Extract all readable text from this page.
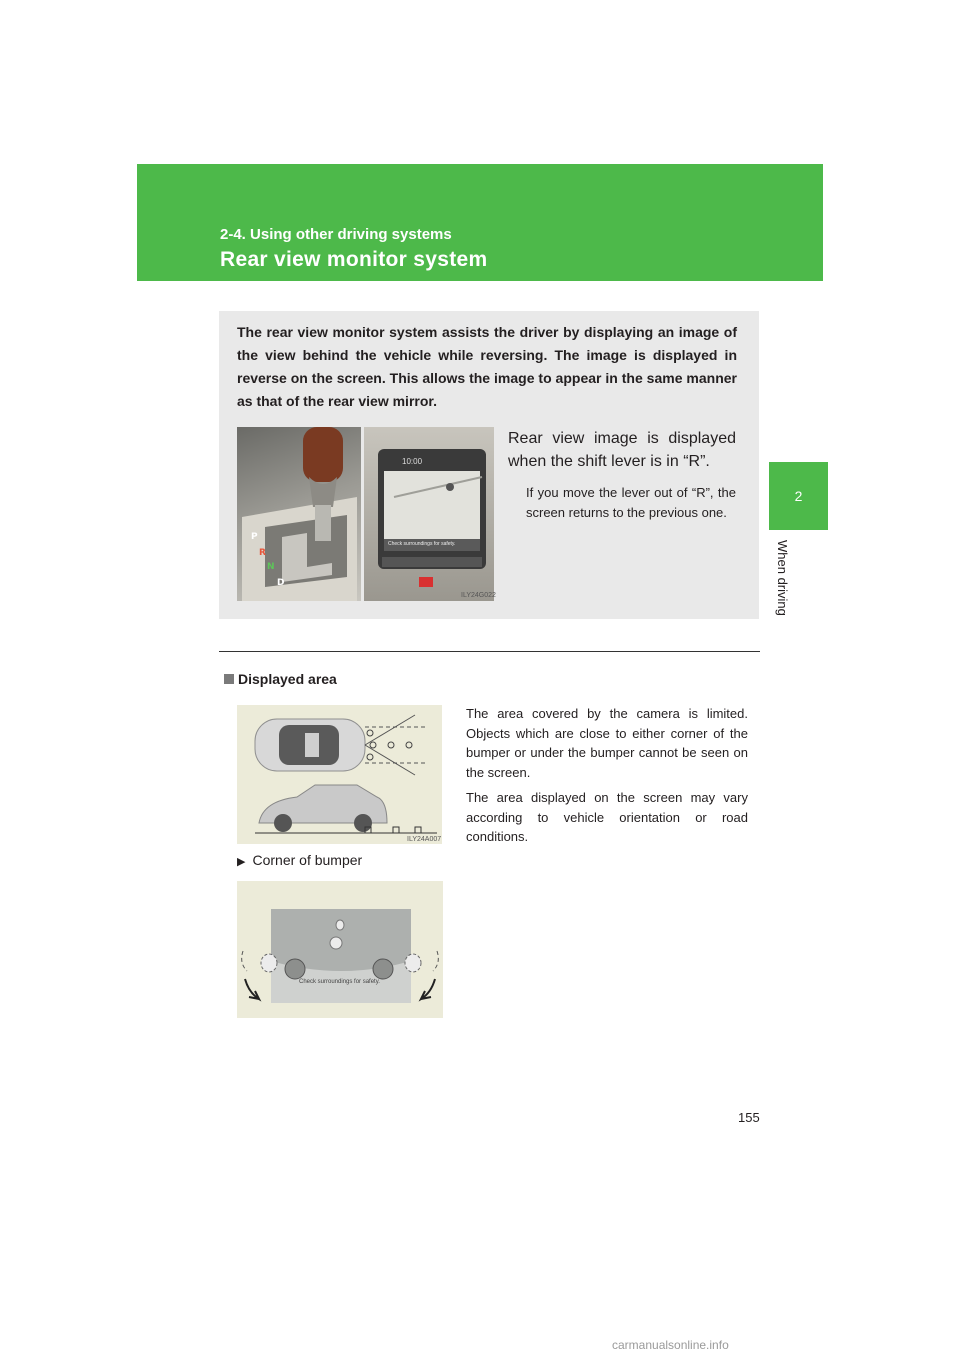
2-4. Using other driving systems
Rear view monitor system
2
When driving
The rear view monitor system assists the driver by displaying an image of the view behind the vehicle while reversing. The image is displayed in reverse on the screen. This allows the image to appear in the same manner as that of the rear view mirror.
P
R
N
D
10:00
Check surroundings for safety.
ILY24G022
Rear view image is displayed when the shift lever is in “R”.
If you move the lever out of “R”, the screen returns to the previous one.
Displayed area
ILY24A007
The area covered by the camera is limited. Objects which are close to either corner of the bumper or under the bumper cannot be seen on the screen.
The area displayed on the screen may vary according to vehicle orientation or road conditions.
▶ Corner of bumper
Check surroundings for safety.
155
carmanualsonline.info
